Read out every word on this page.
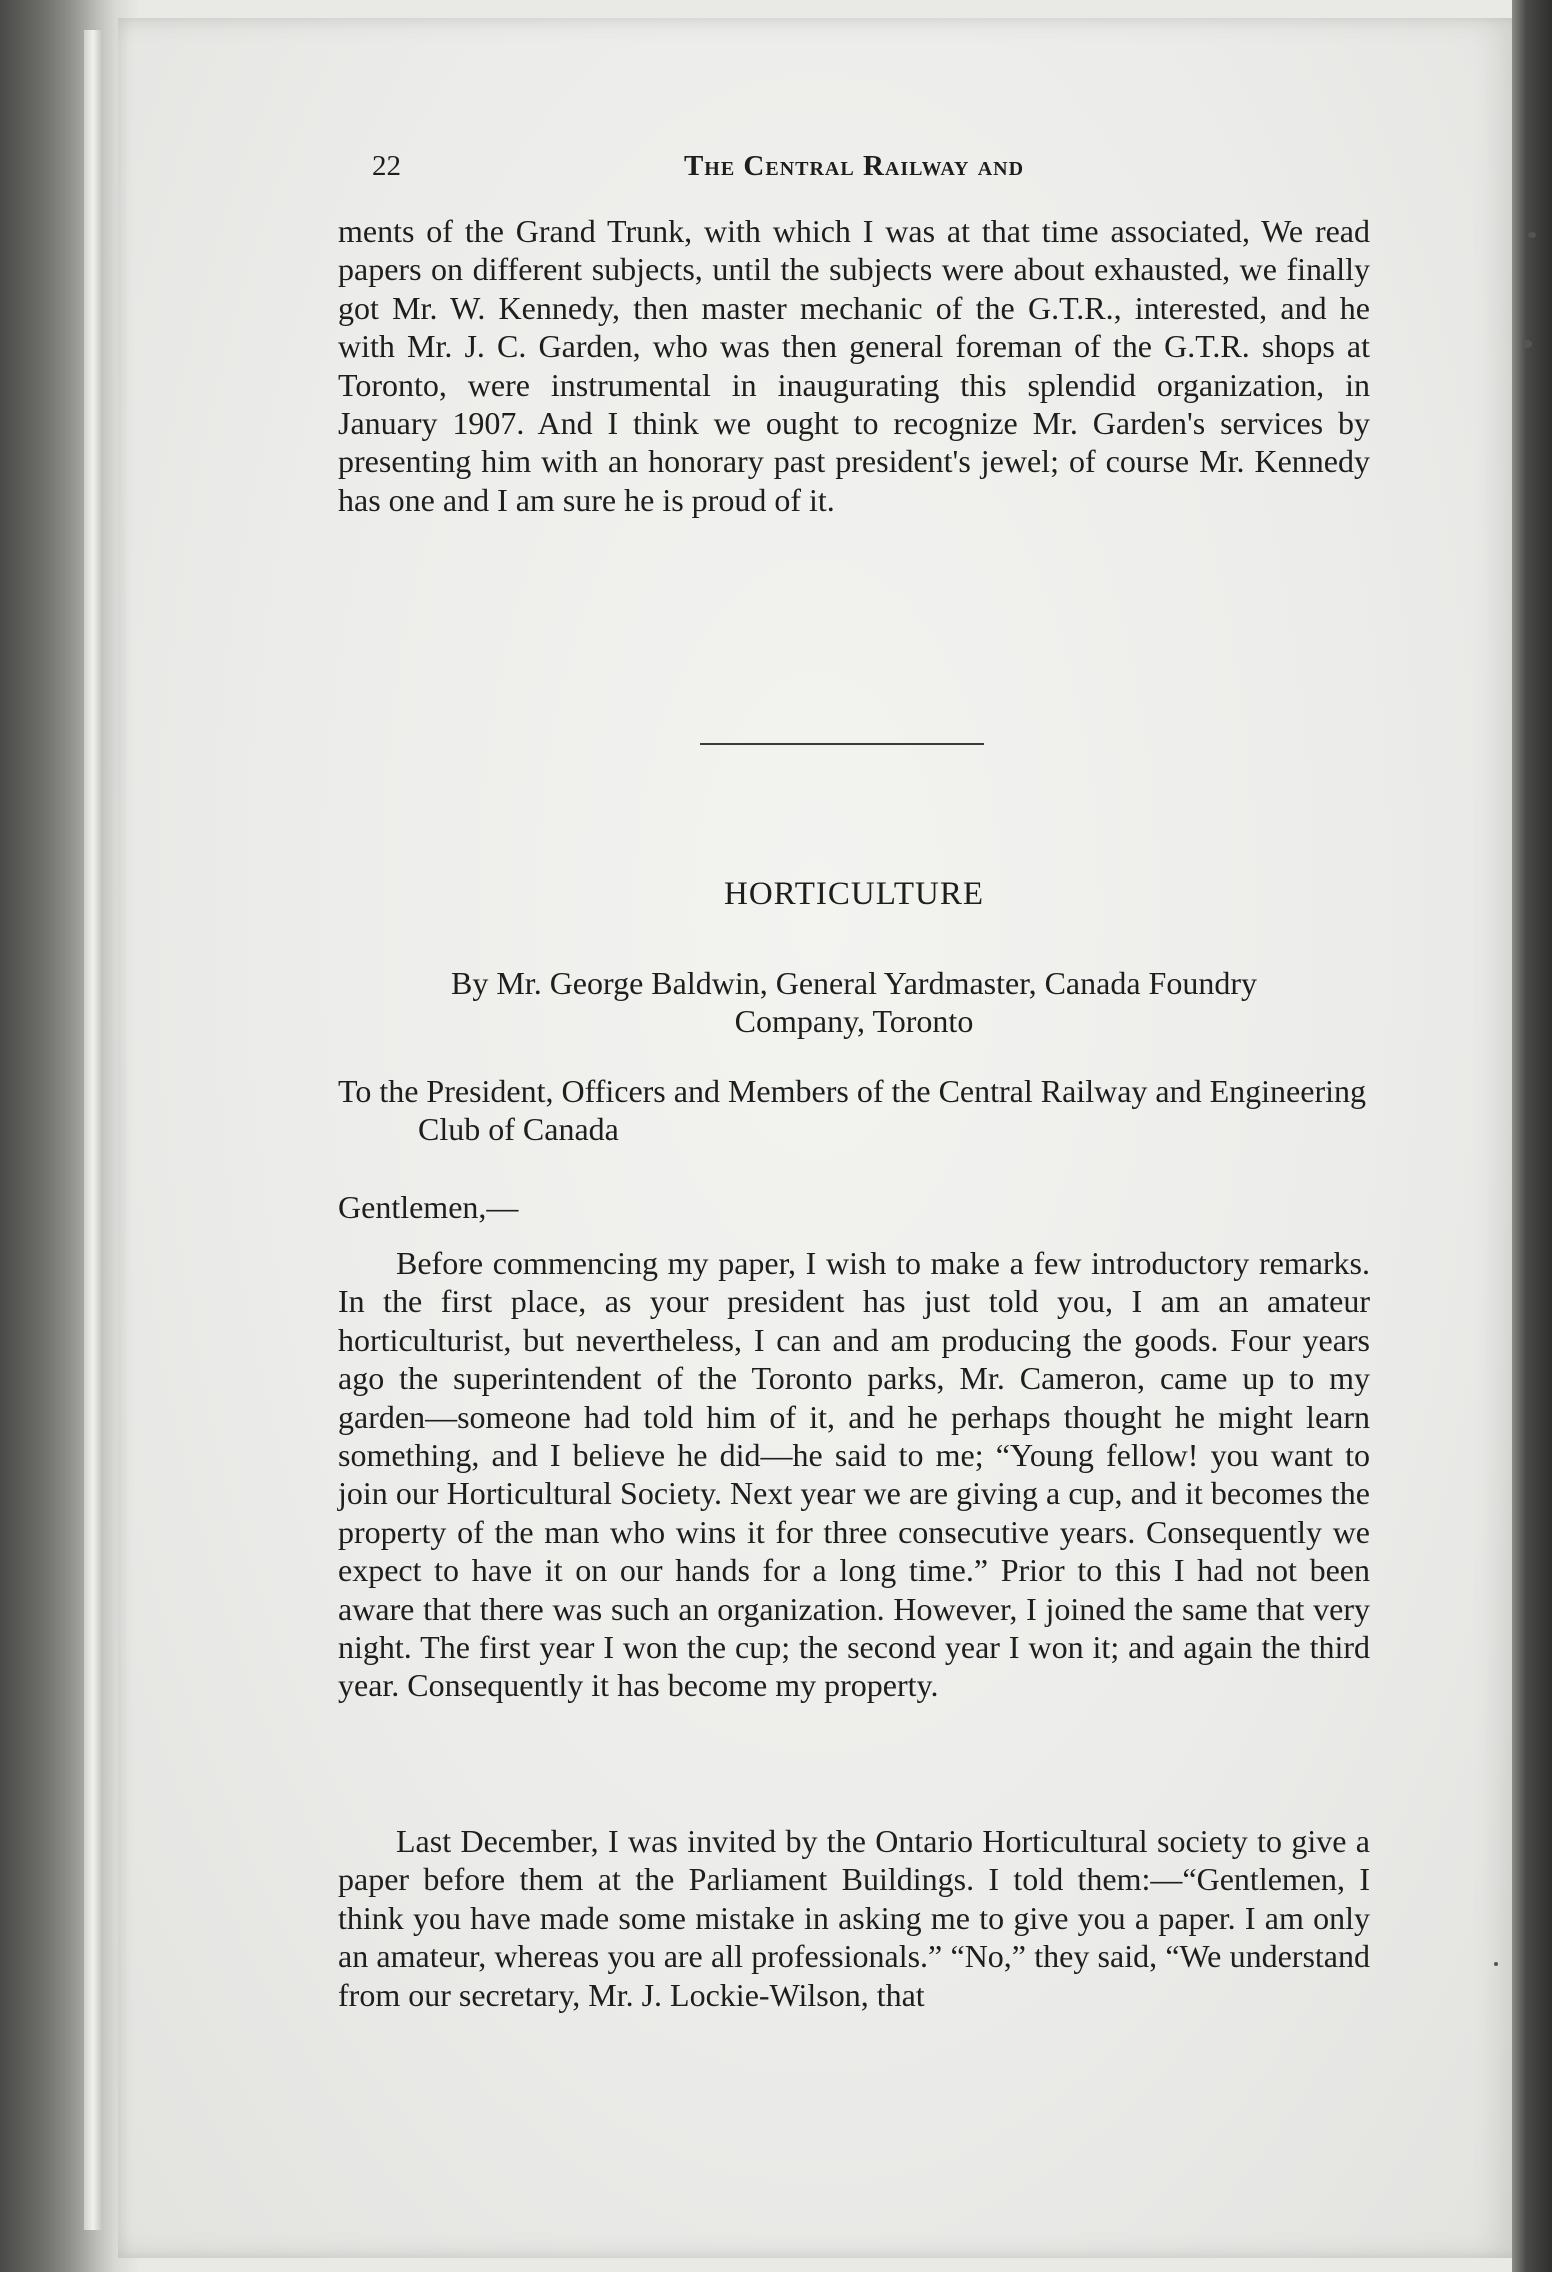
22	The Central Railway and

ments of the Grand Trunk, with which I was at that time associated, We read papers on different subjects, until the subjects were about exhausted, we finally got Mr. W. Kennedy, then master mechanic of the G.T.R., interested, and he with Mr. J. C. Garden, who was then general foreman of the G.T.R. shops at Toronto, were instrumental in inaugurating this splendid organization, in January 1907. And I think we ought to recognize Mr. Garden's services by presenting him with an honorary past president's jewel; of course Mr. Kennedy has one and I am sure he is proud of it.

HORTICULTURE
By Mr. George Baldwin, General Yardmaster, Canada Foundry
Company, Toronto
To the President, Officers and Members of the Central Railway and Engineering Club of Canada
Gentlemen,—

Before commencing my paper, I wish to make a few introductory remarks. In the first place, as your president has just told you, I am an amateur horticulturist, but nevertheless, I can and am producing the goods. Four years ago the superintendent of the Toronto parks, Mr. Cameron, came up to my garden—someone had told him of it, and he perhaps thought he might learn something, and I believe he did—he said to me; “Young fellow! you want to join our Horticultural Society. Next year we are giving a cup, and it becomes the property of the man who wins it for three consecutive years. Consequently we expect to have it on our hands for a long time.” Prior to this I had not been aware that there was such an organization. However, I joined the same that very night. The first year I won the cup; the second year I won it; and again the third year. Consequently it has become my property.

Last December, I was invited by the Ontario Horticultural society to give a paper before them at the Parliament Buildings. I told them:—“Gentlemen, I think you have made some mistake in asking me to give you a paper. I am only an amateur, whereas you are all professionals.” “No,” they said, “We understand from our secretary, Mr. J. Lockie-Wilson, that
